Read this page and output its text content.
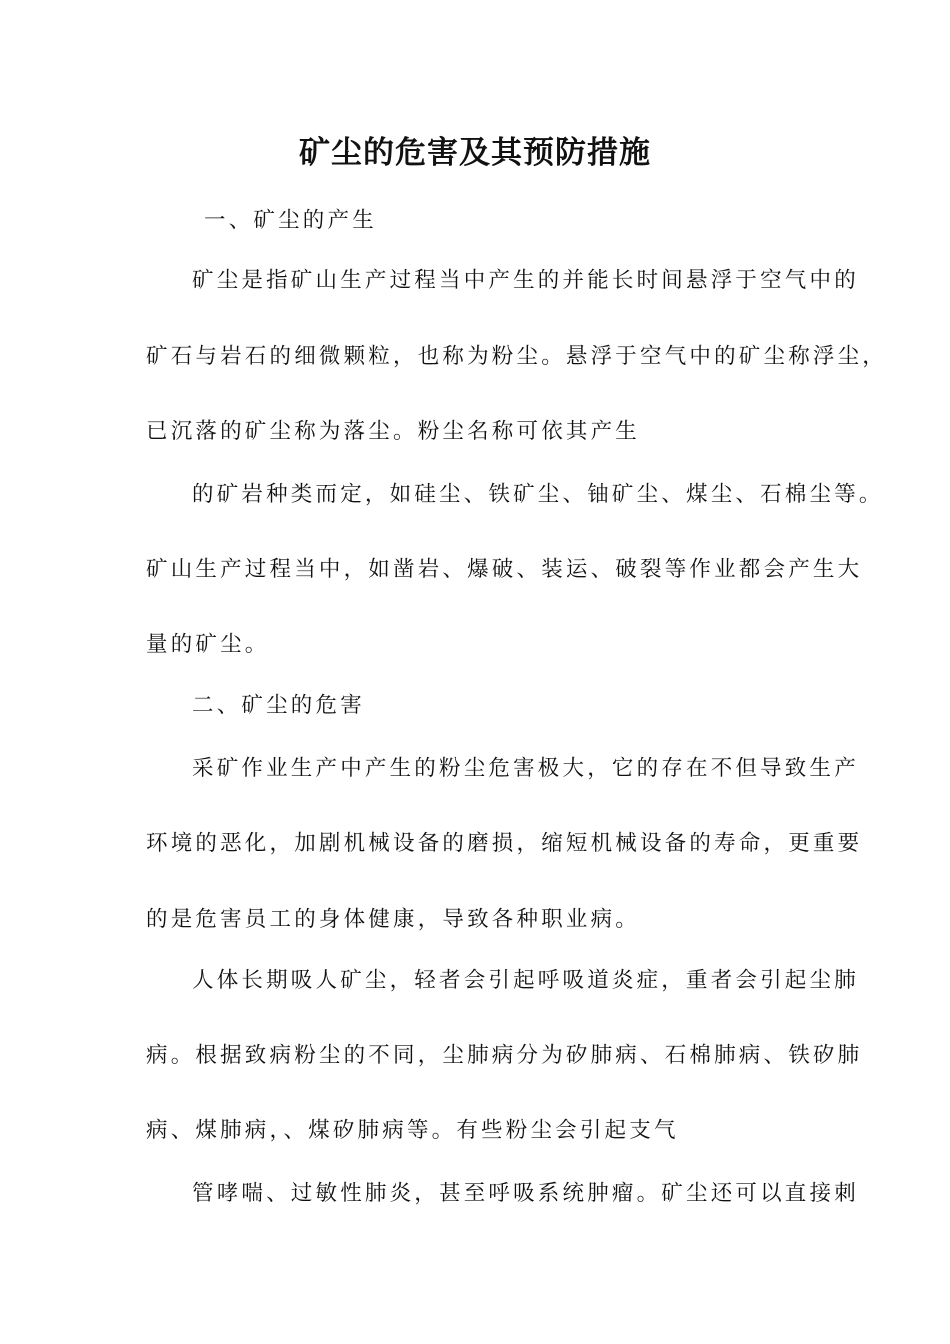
矿尘的危害及其预防措施

一、矿尘的产生

矿尘是指矿山生产过程当中产生的并能长时间悬浮于空气中的

矿石与岩石的细微颗粒，也称为粉尘。悬浮于空气中的矿尘称浮尘，

已沉落的矿尘称为落尘。粉尘名称可依其产生

的矿岩种类而定，如硅尘、铁矿尘、铀矿尘、煤尘、石棉尘等。

矿山生产过程当中，如凿岩、爆破、装运、破裂等作业都会产生大

量的矿尘。

二、矿尘的危害

采矿作业生产中产生的粉尘危害极大，它的存在不但导致生产

环境的恶化，加剧机械设备的磨损，缩短机械设备的寿命，更重要

的是危害员工的身体健康，导致各种职业病。

人体长期吸人矿尘，轻者会引起呼吸道炎症，重者会引起尘肺

病。根据致病粉尘的不同，尘肺病分为矽肺病、石棉肺病、铁矽肺

病、煤肺病，、煤矽肺病等。有些粉尘会引起支气

管哮喘、过敏性肺炎，甚至呼吸系统肿瘤。矿尘还可以直接刺
